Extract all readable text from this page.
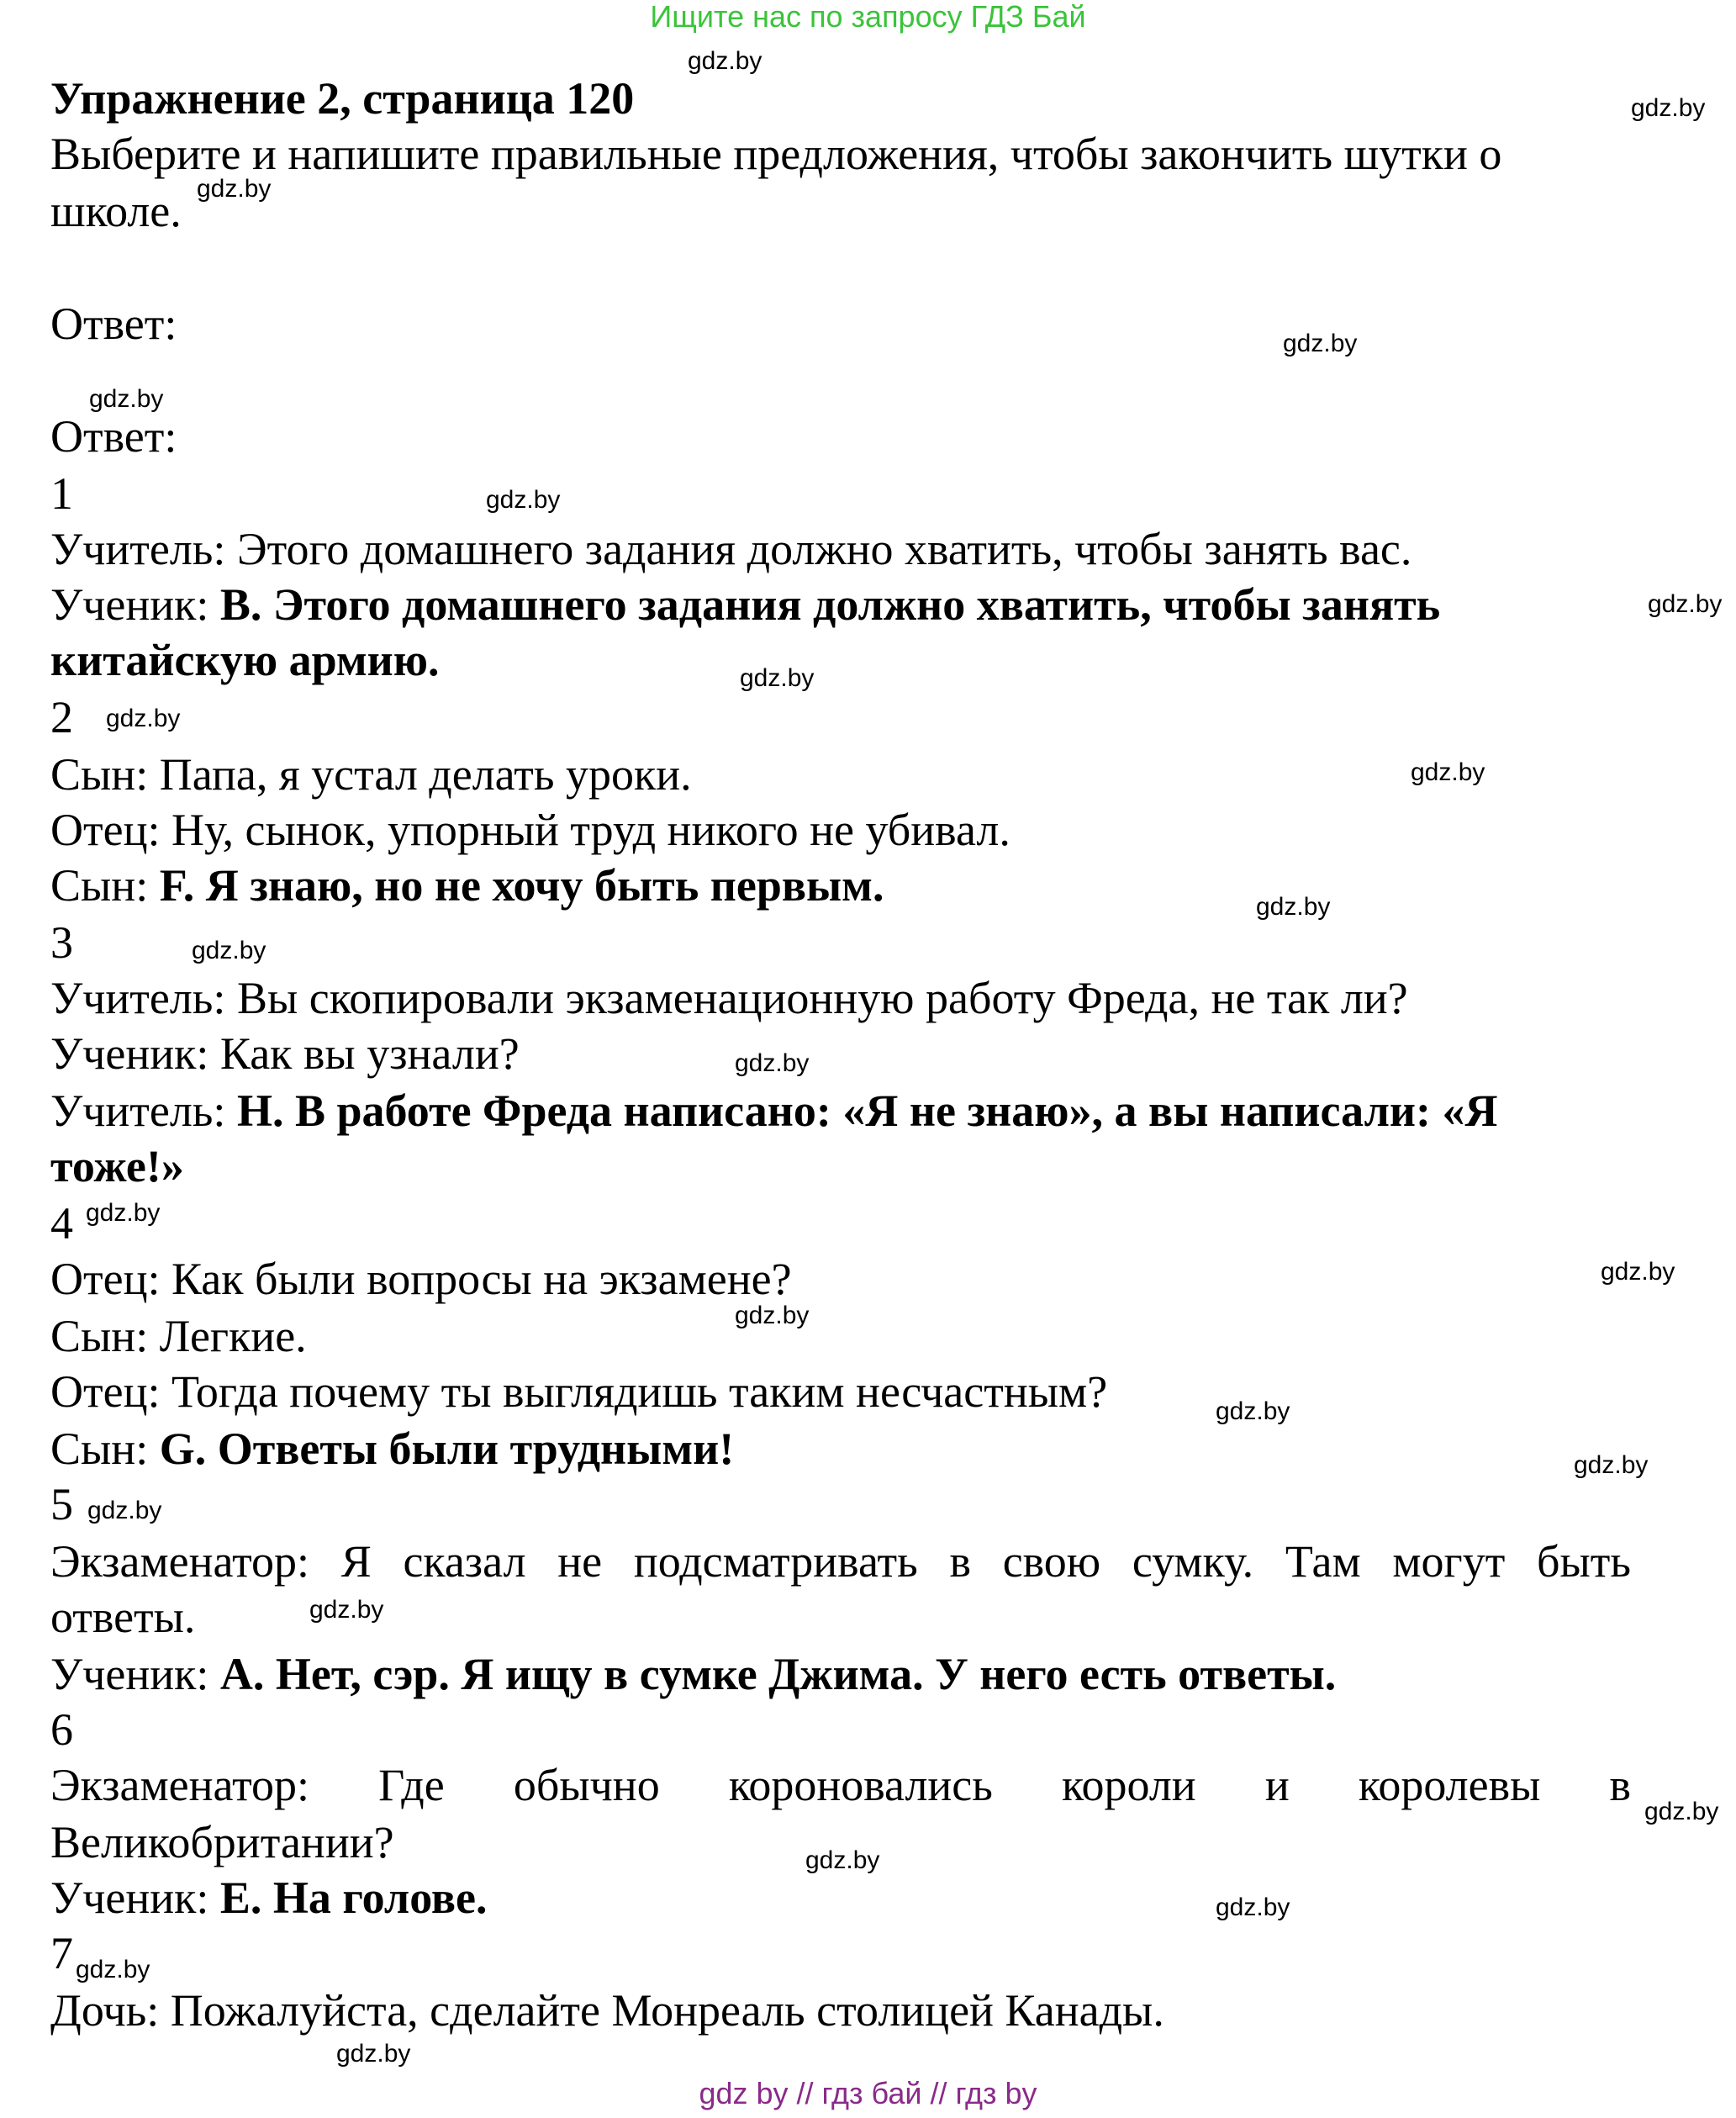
Ищите нас по запросу ГДЗ Бай
Упражнение 2, страница 120
Выберите и напишите правильные предложения, чтобы закончить шутки о
школе.
Ответ:
Ответ:
1
Учитель: Этого домашнего задания должно хватить, чтобы занять вас.
Ученик: B. Этого домашнего задания должно хватить, чтобы занять
китайскую армию.
2
Сын: Папа, я устал делать уроки.
Отец: Ну, сынок, упорный труд никого не убивал.
Сын: F. Я знаю, но не хочу быть первым.
3
Учитель: Вы скопировали экзаменационную работу Фреда, не так ли?
Ученик: Как вы узнали?
Учитель: H. В работе Фреда написано: «Я не знаю», а вы написали: «Я
тоже!»
4
Отец: Как были вопросы на экзамене?
Сын: Легкие.
Отец: Тогда почему ты выглядишь таким несчастным?
Сын: G. Ответы были трудными!
5
Экзаменатор: Я сказал не подсматривать в свою сумку. Там могут быть
ответы.
Ученик: A. Нет, сэр. Я ищу в сумке Джима. У него есть ответы.
6
Экзаменатор: Где обычно короновались короли и королевы в
Великобритании?
Ученик: E. На голове.
7
Дочь: Пожалуйста, сделайте Монреаль столицей Канады.
gdz.by
gdz.by
gdz.by
gdz.by
gdz.by
gdz.by
gdz.by
gdz.by
gdz.by
gdz.by
gdz.by
gdz.by
gdz.by
gdz.by
gdz.by
gdz.by
gdz.by
gdz.by
gdz.by
gdz.by
gdz.by
gdz.by
gdz.by
gdz.by
gdz.by
gdz by // гдз бай // гдз by
